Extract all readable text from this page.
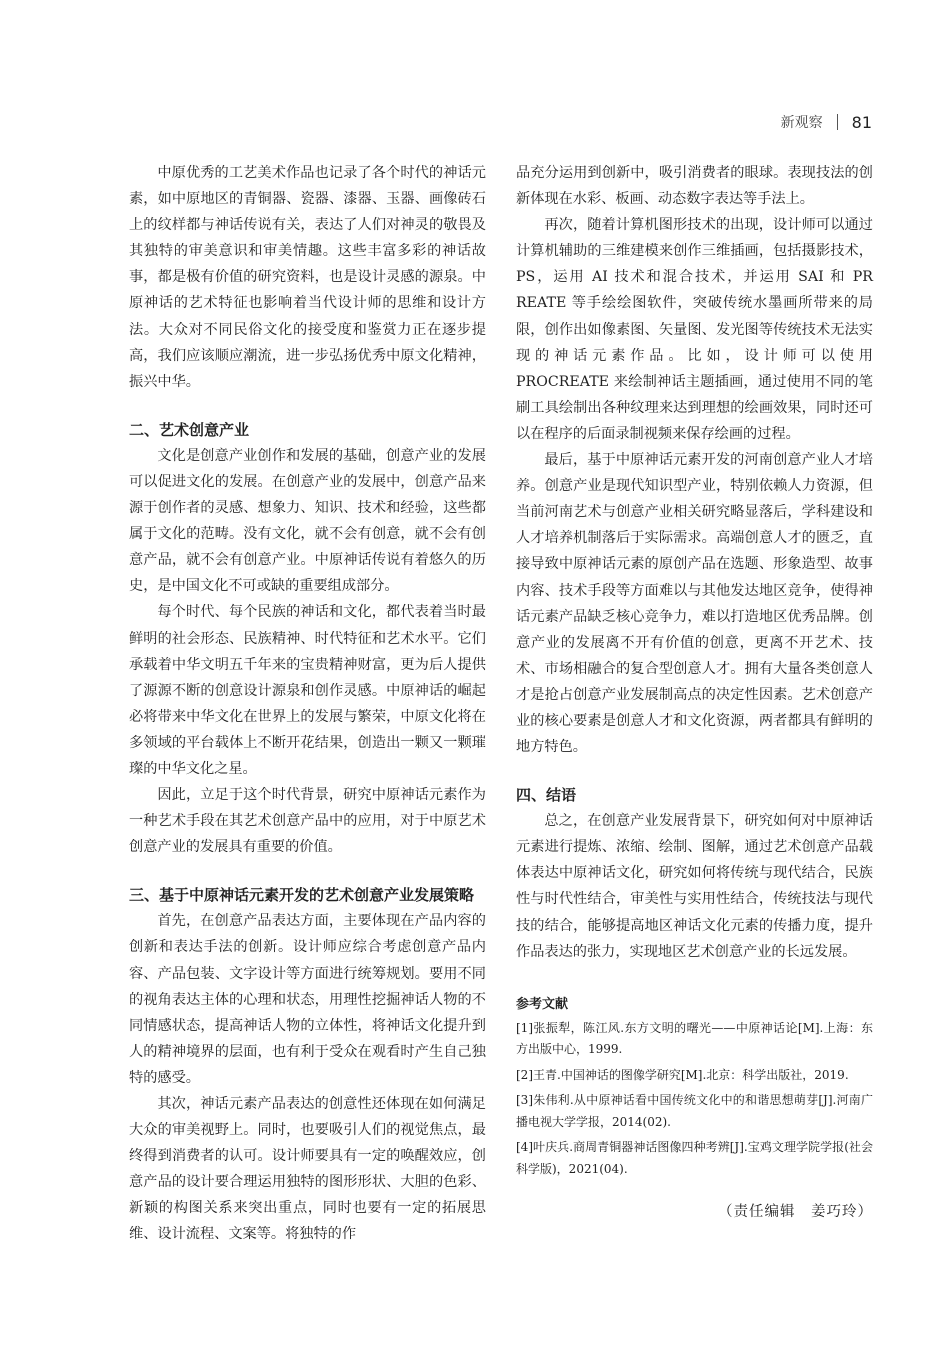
新观察 81

中原优秀的工艺美术作品也记录了各个时代的神话元素，如中原地区的青铜器、瓷器、漆器、玉器、画像砖石上的纹样都与神话传说有关，表达了人们对神灵的敬畏及其独特的审美意识和审美情趣。这些丰富多彩的神话故事，都是极有价值的研究资料，也是设计灵感的源泉。中原神话的艺术特征也影响着当代设计师的思维和设计方法。大众对不同民俗文化的接受度和鉴赏力正在逐步提高，我们应该顺应潮流，进一步弘扬优秀中原文化精神，振兴中华。

二、艺术创意产业

文化是创意产业创作和发展的基础，创意产业的发展可以促进文化的发展。在创意产业的发展中，创意产品来源于创作者的灵感、想象力、知识、技术和经验，这些都属于文化的范畴。没有文化，就不会有创意，就不会有创意产品，就不会有创意产业。中原神话传说有着悠久的历史，是中国文化不可或缺的重要组成部分。

每个时代、每个民族的神话和文化，都代表着当时最鲜明的社会形态、民族精神、时代特征和艺术水平。它们承载着中华文明五千年来的宝贵精神财富，更为后人提供了源源不断的创意设计源泉和创作灵感。中原神话的崛起必将带来中华文化在世界上的发展与繁荣，中原文化将在多领域的平台载体上不断开花结果，创造出一颗又一颗璀璨的中华文化之星。

因此，立足于这个时代背景，研究中原神话元素作为一种艺术手段在其艺术创意产品中的应用，对于中原艺术创意产业的发展具有重要的价值。

三、基于中原神话元素开发的艺术创意产业发展策略

首先，在创意产品表达方面，主要体现在产品内容的创新和表达手法的创新。设计师应综合考虑创意产品内容、产品包装、文字设计等方面进行统筹规划。要用不同的视角表达主体的心理和状态，用理性挖掘神话人物的不同情感状态，提高神话人物的立体性，将神话文化提升到人的精神境界的层面，也有利于受众在观看时产生自己独特的感受。

其次，神话元素产品表达的创意性还体现在如何满足大众的审美视野上。同时，也要吸引人们的视觉焦点，最终得到消费者的认可。设计师要具有一定的唤醒效应，创意产品的设计要合理运用独特的图形形状、大胆的色彩、新颖的构图关系来突出重点，同时也要有一定的拓展思维、设计流程、文案等。将独特的作

品充分运用到创新中，吸引消费者的眼球。表现技法的创新体现在水彩、板画、动态数字表达等手法上。

再次，随着计算机图形技术的出现，设计师可以通过计算机辅助的三维建模来创作三维插画，包括摄影技术，PS，运用 AI 技术和混合技术，并运用 SAI 和 PR　REATE 等手绘绘图软件，突破传统水墨画所带来的局限，创作出如像素图、矢量图、发光图等传统技术无法实现的神话元素作品。比如，设计师可以使用 PROCREATE 来绘制神话主题插画，通过使用不同的笔刷工具绘制出各种纹理来达到理想的绘画效果，同时还可以在程序的后面录制视频来保存绘画的过程。

最后，基于中原神话元素开发的河南创意产业人才培养。创意产业是现代知识型产业，特别依赖人力资源，但当前河南艺术与创意产业相关研究略显落后，学科建设和人才培养机制落后于实际需求。高端创意人才的匮乏，直接导致中原神话元素的原创产品在选题、形象造型、故事内容、技术手段等方面难以与其他发达地区竞争，使得神话元素产品缺乏核心竞争力，难以打造地区优秀品牌。创意产业的发展离不开有价值的创意，更离不开艺术、技术、市场相融合的复合型创意人才。拥有大量各类创意人才是抢占创意产业发展制高点的决定性因素。艺术创意产业的核心要素是创意人才和文化资源，两者都具有鲜明的地方特色。

四、结语

总之，在创意产业发展背景下，研究如何对中原神话元素进行提炼、浓缩、绘制、图解，通过艺术创意产品载体表达中原神话文化，研究如何将传统与现代结合，民族性与时代性结合，审美性与实用性结合，传统技法与现代技的结合，能够提高地区神话文化元素的传播力度，提升作品表达的张力，实现地区艺术创意产业的长远发展。

参考文献
[1]张振犁，陈江风.东方文明的曙光——中原神话论[M].上海：东方出版中心，1999.
[2]王青.中国神话的图像学研究[M].北京：科学出版社，2019.
[3]朱伟利.从中原神话看中国传统文化中的和谐思想萌芽[J].河南广播电视大学学报，2014(02).
[4]叶庆兵.商周青铜器神话图像四种考辨[J].宝鸡文理学院学报(社会科学版)，2021(04).
（责任编辑　姜巧玲）
